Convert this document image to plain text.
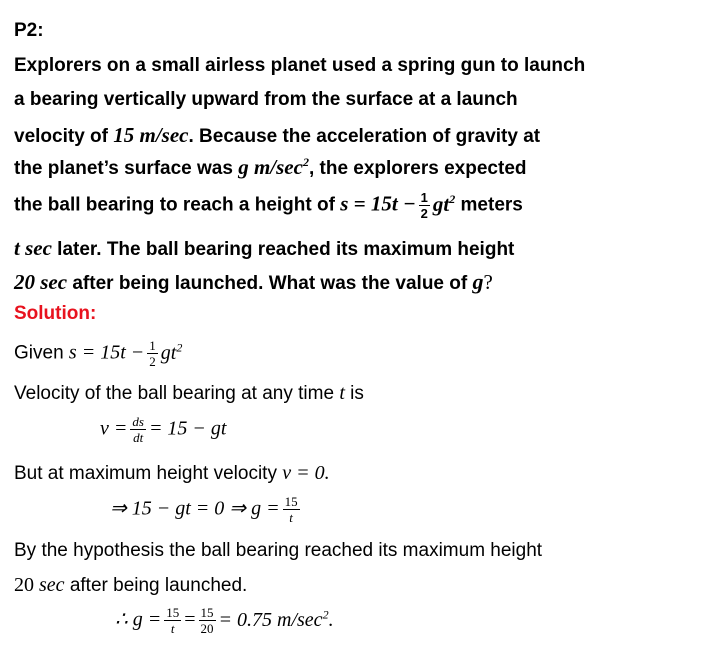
P2:
Explorers on a small airless planet used a spring gun to launch
a bearing vertically upward from the surface at a launch
velocity of 15 m/sec. Because the acceleration of gravity at
the planet’s surface was g $m/\sec^2$, the explorers expected
the ball bearing to reach a height of $s = 15t - \frac{1}{2} gt^2$ meters
t sec later. The ball bearing reached its maximum height
20 sec after being launched. What was the value of g?
Solution:
Given $s = 15t - \frac{1}{2} gt^2$
Velocity of the ball bearing at any time t is
$v = \frac{ds}{dt} = 15$ − gt
But at maximum height velocity v = 0.
⇒ 15 − gt = 0 ⇒ $g = \frac{15}{t}$
By the hypothesis the ball bearing reached its maximum height
20 sec after being launched.
∴ $g = \frac{15}{t} = \frac{15}{20} = 0.75$ $m/\sec^2$.
